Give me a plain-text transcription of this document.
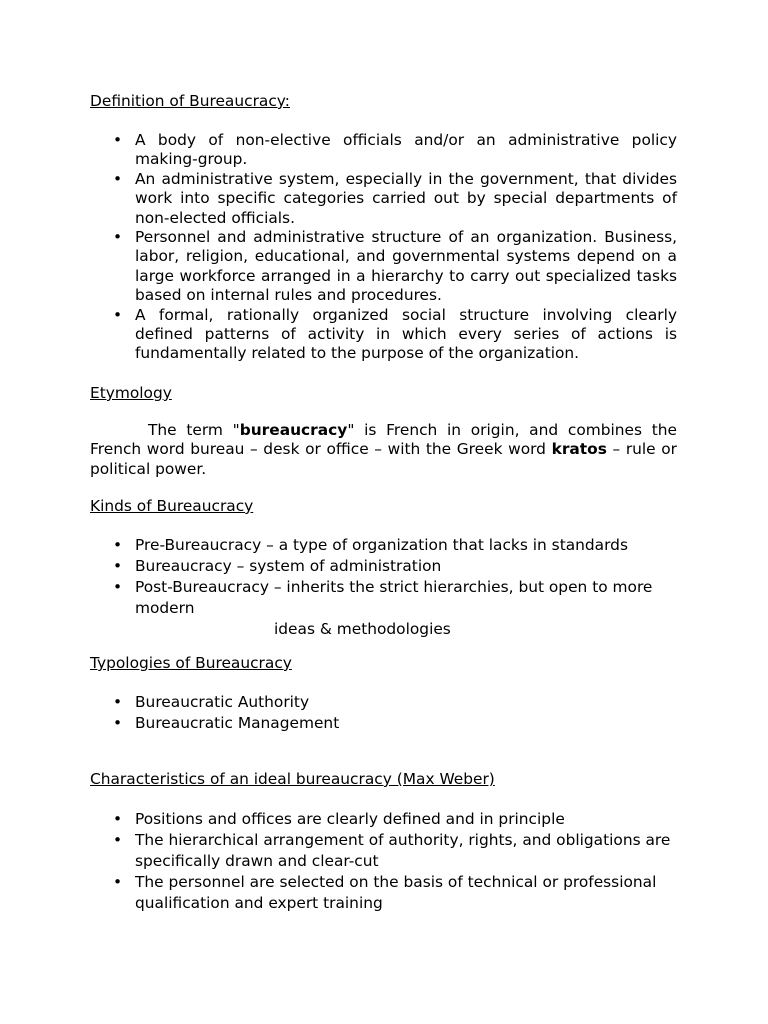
Definition of Bureaucracy:
• A body of non-elective officials and/or an administrative policy making-group.
• An administrative system, especially in the government, that divides work into specific categories carried out by special departments of non-elected officials.
• Personnel and administrative structure of an organization. Business, labor, religion, educational, and governmental systems depend on a large workforce arranged in a hierarchy to carry out specialized tasks based on internal rules and procedures.
• A formal, rationally organized social structure involving clearly defined patterns of activity in which every series of actions is fundamentally related to the purpose of the organization.
Etymology

The term "bureaucracy" is French in origin, and combines the French word bureau – desk or office – with the Greek word kratos – rule or political power.

Kinds of Bureaucracy
• Pre-Bureaucracy – a type of organization that lacks in standards
• Bureaucracy – system of administration
• Post-Bureaucracy – inherits the strict hierarchies, but open to more modern
ideas & methodologies
Typologies of Bureaucracy
• Bureaucratic Authority
• Bureaucratic Management
Characteristics of an ideal bureaucracy (Max Weber)
• Positions and offices are clearly defined and in principle
• The hierarchical arrangement of authority, rights, and obligations are specifically drawn and clear-cut
• The personnel are selected on the basis of technical or professional qualification and expert training
